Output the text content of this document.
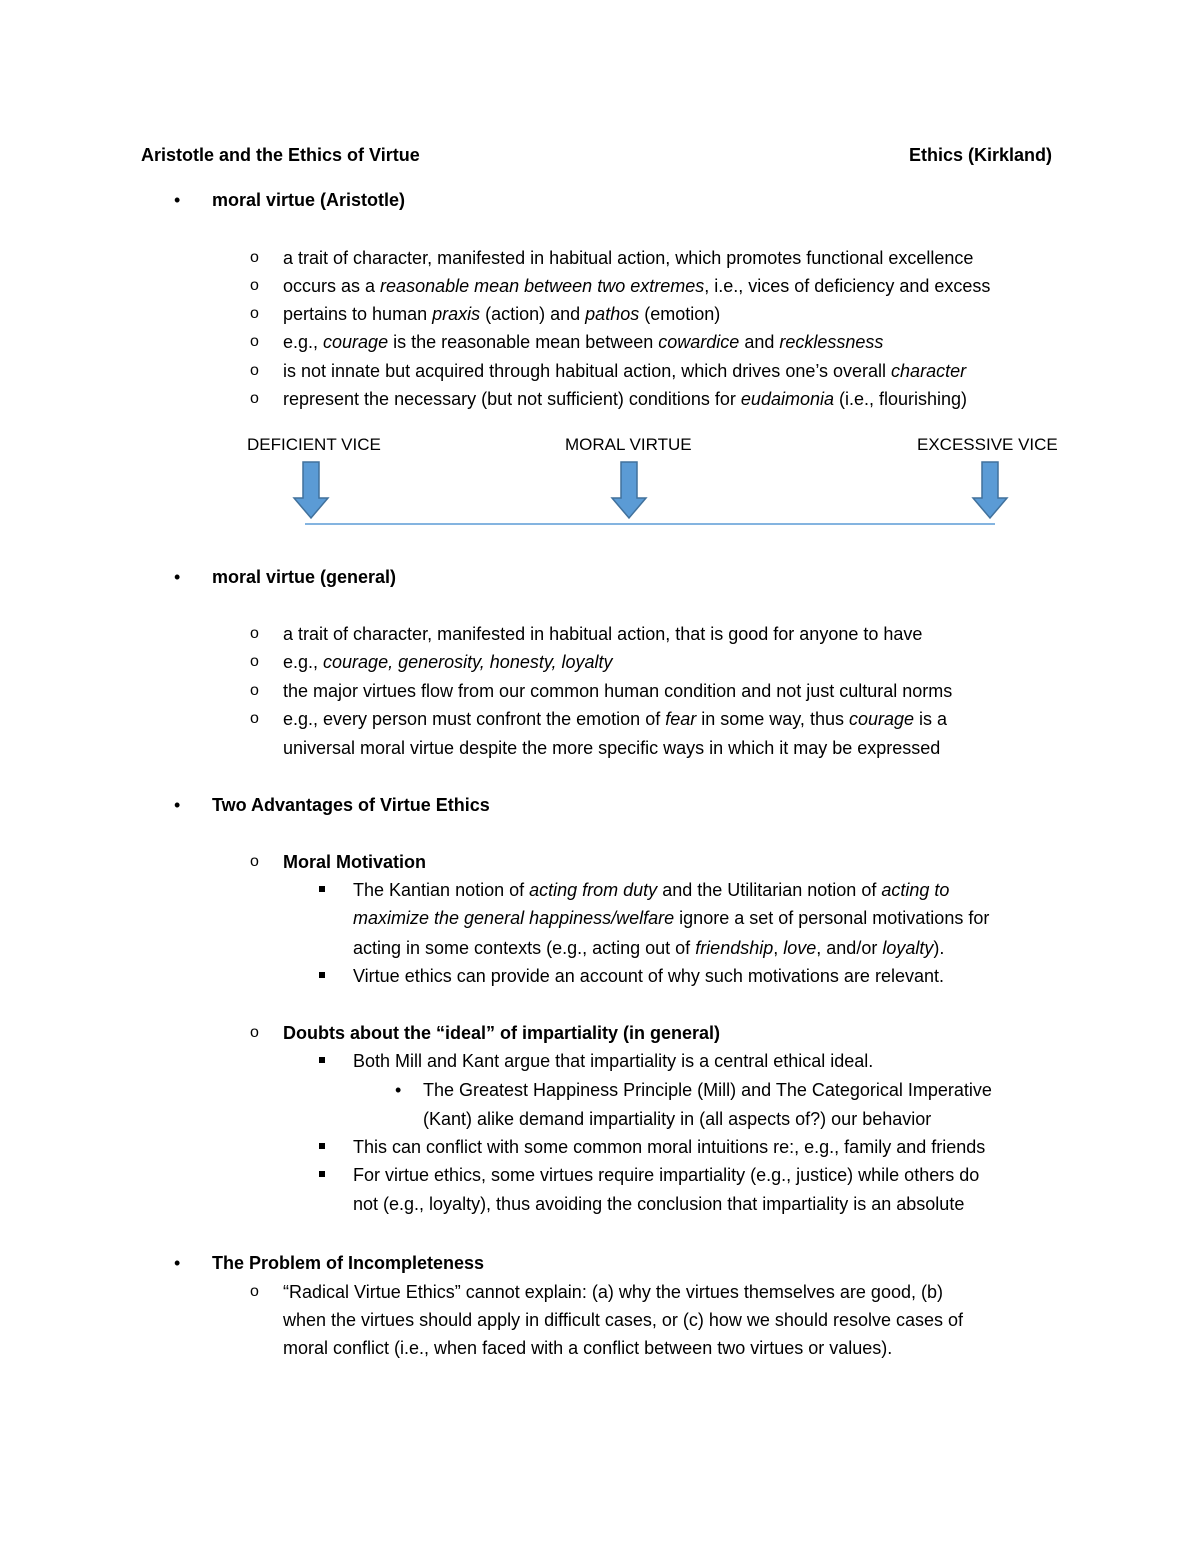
Aristotle and the Ethics of Virtue	Ethics (Kirkland)
• moral virtue (Aristotle)
o a trait of character, manifested in habitual action, which promotes functional excellence
o occurs as a reasonable mean between two extremes, i.e., vices of deficiency and excess
o pertains to human praxis (action) and pathos (emotion)
o e.g., courage is the reasonable mean between cowardice and recklessness
o is not innate but acquired through habitual action, which drives one’s overall character
o represent the necessary (but not sufficient) conditions for eudaimonia (i.e., flourishing)
DEFICIENT VICE	MORAL VIRTUE	EXCESSIVE VICE
• moral virtue (general)
o a trait of character, manifested in habitual action, that is good for anyone to have
o e.g., courage, generosity, honesty, loyalty
o the major virtues flow from our common human condition and not just cultural norms
o e.g., every person must confront the emotion of fear in some way, thus courage is a
universal moral virtue despite the more specific ways in which it may be expressed
• Two Advantages of Virtue Ethics
o Moral Motivation
The Kantian notion of acting from duty and the Utilitarian notion of acting to
maximize the general happiness/welfare ignore a set of personal motivations for
acting in some contexts (e.g., acting out of friendship, love, and/or loyalty).
Virtue ethics can provide an account of why such motivations are relevant.
o Doubts about the “ideal” of impartiality (in general)
Both Mill and Kant argue that impartiality is a central ethical ideal.
• The Greatest Happiness Principle (Mill) and The Categorical Imperative
(Kant) alike demand impartiality in (all aspects of?) our behavior
This can conflict with some common moral intuitions re:, e.g., family and friends
For virtue ethics, some virtues require impartiality (e.g., justice) while others do
not (e.g., loyalty), thus avoiding the conclusion that impartiality is an absolute
• The Problem of Incompleteness
o “Radical Virtue Ethics” cannot explain: (a) why the virtues themselves are good, (b)
when the virtues should apply in difficult cases, or (c) how we should resolve cases of
moral conflict (i.e., when faced with a conflict between two virtues or values).
